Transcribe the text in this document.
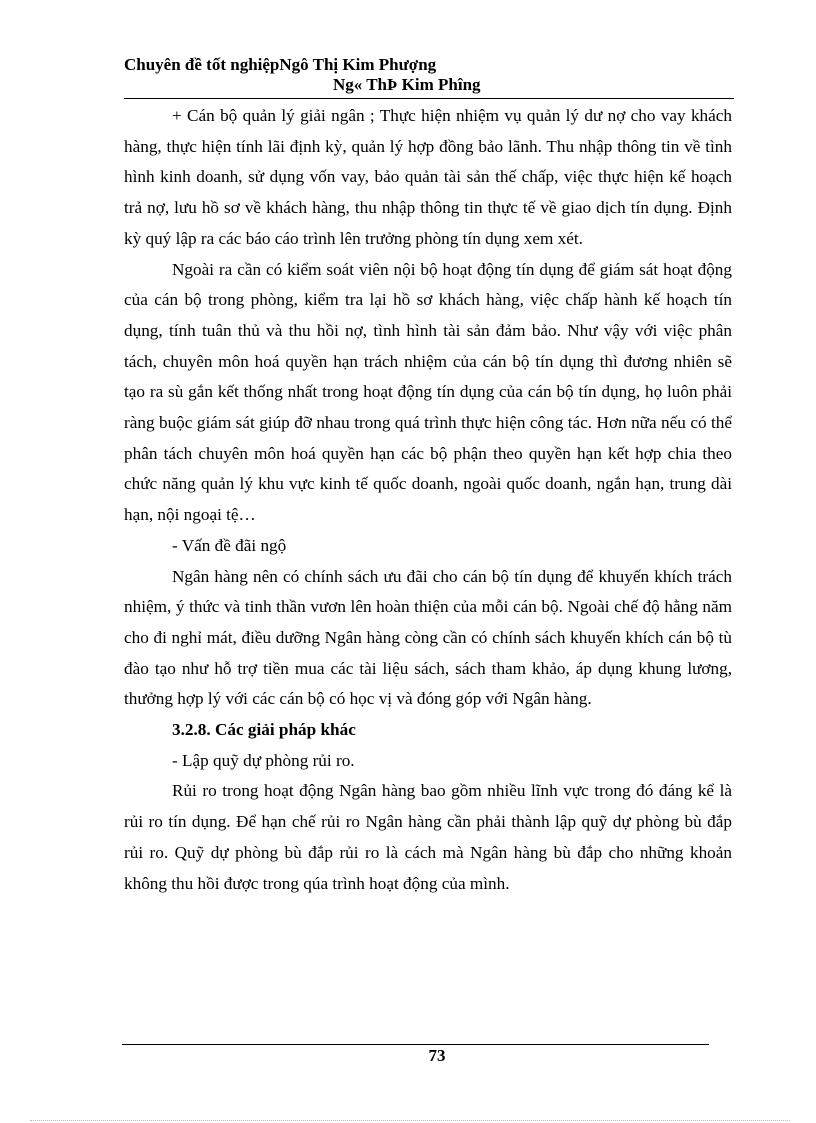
Chuyên đề tốt nghiệpNgô Thị Kim Phượng
Ng« ThÞ Kim Phîng

+ Cán bộ quản lý giải ngân ; Thực hiện nhiệm vụ quản lý dư nợ cho vay khách hàng, thực hiện tính lãi định kỳ, quản lý hợp đồng bảo lãnh. Thu nhập thông tin về tình hình kinh doanh, sử dụng vốn vay, bảo quản tài sản thế chấp, việc thực hiện kế hoạch trả nợ, lưu hồ sơ về khách hàng, thu nhập thông tin thực tế về giao dịch tín dụng. Định kỳ quý lập ra các báo cáo trình lên trưởng phòng tín dụng xem xét.

Ngoài ra cần có kiểm soát viên nội bộ hoạt động tín dụng để giám sát hoạt động của cán bộ trong phòng, kiểm tra lại hồ sơ khách hàng, việc chấp hành kế hoạch tín dụng, tính tuân thủ và thu hồi nợ, tình hình tài sản đảm bảo. Như vậy với việc phân tách, chuyên môn hoá quyền hạn trách nhiệm của cán bộ tín dụng thì đương nhiên sẽ tạo ra sù gắn kết thống nhất trong hoạt động tín dụng của cán bộ tín dụng, họ luôn phải ràng buộc giám sát giúp đỡ nhau trong quá trình thực hiện công tác. Hơn nữa nếu có thể phân tách chuyên môn hoá quyền hạn các bộ phận theo quyền hạn kết hợp chia theo chức năng quản lý khu vực kinh tế quốc doanh, ngoài quốc doanh, ngắn hạn, trung dài hạn, nội ngoại tệ…

- Vấn đề đãi ngộ

Ngân hàng nên có chính sách ưu đãi cho cán bộ tín dụng để khuyến khích trách nhiệm, ý thức và tinh thần vươn lên hoàn thiện của mỗi cán bộ. Ngoài chế độ hằng năm cho đi nghỉ mát, điều dưỡng Ngân hàng còng cần có chính sách khuyến khích cán bộ tù đào tạo như hỗ trợ tiền mua các tài liệu sách, sách tham khảo, áp dụng khung lương, thưởng hợp lý với các cán bộ có học vị và đóng góp với Ngân hàng.

3.2.8. Các giải pháp khác

- Lập quỹ dự phòng rủi ro.

Rủi ro trong hoạt động Ngân hàng bao gồm nhiều lĩnh vực trong đó đáng kể là rủi ro tín dụng. Để hạn chế rủi ro Ngân hàng cần phải thành lập quỹ dự phòng bù đắp rủi ro. Quỹ dự phòng bù đắp rủi ro là cách mà Ngân hàng bù đắp cho những khoản không thu hồi được trong qúa trình hoạt động của mình.

73
